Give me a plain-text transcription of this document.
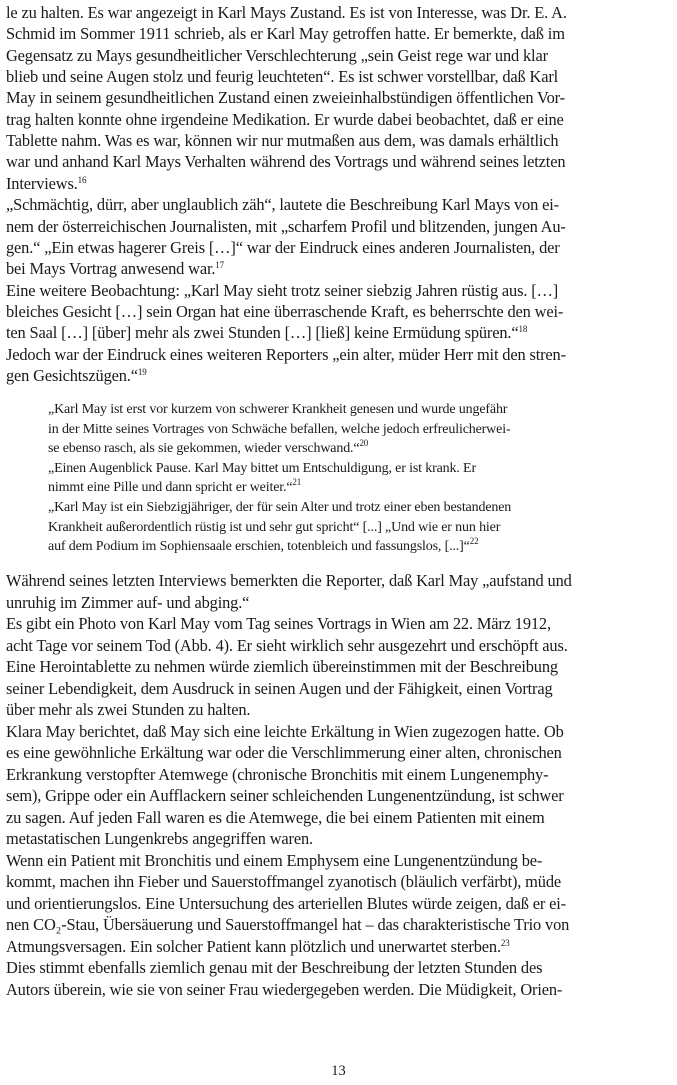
le zu halten. Es war angezeigt in Karl Mays Zustand. Es ist von Interesse, was Dr. E. A.
Schmid im Sommer 1911 schrieb, als er Karl May getroffen hatte. Er bemerkte, daß im
Gegensatz zu Mays gesundheitlicher Verschlechterung „sein Geist rege war und klar
blieb und seine Augen stolz und feurig leuchteten“. Es ist schwer vorstellbar, daß Karl
May in seinem gesundheitlichen Zustand einen zweieinhalbstündigen öffentlichen Vor-
trag halten konnte ohne irgendeine Medikation. Er wurde dabei beobachtet, daß er eine
Tablette nahm. Was es war, können wir nur mutmaßen aus dem, was damals erhältlich
war und anhand Karl Mays Verhalten während des Vortrags und während seines letzten
Interviews.$^{16}$
„Schmächtig, dürr, aber unglaublich zäh“, lautete die Beschreibung Karl Mays von ei-
nem der österreichischen Journalisten, mit „scharfem Profil und blitzenden, jungen Au-
gen.“ „Ein etwas hagerer Greis […]“ war der Eindruck eines anderen Journalisten, der
bei Mays Vortrag anwesend war.$^{17}$
Eine weitere Beobachtung: „Karl May sieht trotz seiner siebzig Jahren rüstig aus. […]
bleiches Gesicht […] sein Organ hat eine überraschende Kraft, es beherrschte den wei-
ten Saal […] [über] mehr als zwei Stunden […] [ließ] keine Ermüdung spüren.“$^{18}$
Jedoch war der Eindruck eines weiteren Reporters „ein alter, müder Herr mit den stren-
gen Gesichtszügen.“$^{19}$
„Karl May ist erst vor kurzem von schwerer Krankheit genesen und wurde ungefähr
in der Mitte seines Vortrages von Schwäche befallen, welche jedoch erfreulicherwei-
se ebenso rasch, als sie gekommen, wieder verschwand.“$^{20}$
„Einen Augenblick Pause. Karl May bittet um Entschuldigung, er ist krank. Er
nimmt eine Pille und dann spricht er weiter.“$^{21}$
„Karl May ist ein Siebzigjähriger, der für sein Alter und trotz einer eben bestandenen
Krankheit außerordentlich rüstig ist und sehr gut spricht“ [...] „Und wie er nun hier
auf dem Podium im Sophiensaale erschien, totenbleich und fassungslos, [...]“$^{22}$
Während seines letzten Interviews bemerkten die Reporter, daß Karl May „aufstand und
unruhig im Zimmer auf- und abging.“
Es gibt ein Photo von Karl May vom Tag seines Vortrags in Wien am 22. März 1912,
acht Tage vor seinem Tod (Abb. 4). Er sieht wirklich sehr ausgezehrt und erschöpft aus.
Eine Herointablette zu nehmen würde ziemlich übereinstimmen mit der Beschreibung
seiner Lebendigkeit, dem Ausdruck in seinen Augen und der Fähigkeit, einen Vortrag
über mehr als zwei Stunden zu halten.
Klara May berichtet, daß May sich eine leichte Erkältung in Wien zugezogen hatte. Ob
es eine gewöhnliche Erkältung war oder die Verschlimmerung einer alten, chronischen
Erkrankung verstopfter Atemwege (chronische Bronchitis mit einem Lungenemphy-
sem), Grippe oder ein Aufflackern seiner schleichenden Lungenentzündung, ist schwer
zu sagen. Auf jeden Fall waren es die Atemwege, die bei einem Patienten mit einem
metastatischen Lungenkrebs angegriffen waren.
Wenn ein Patient mit Bronchitis und einem Emphysem eine Lungenentzündung be-
kommt, machen ihn Fieber und Sauerstoffmangel zyanotisch (bläulich verfärbt), müde
und orientierungslos. Eine Untersuchung des arteriellen Blutes würde zeigen, daß er ei-
nen CO₂-Stau, Übersäuerung und Sauerstoffmangel hat – das charakteristische Trio von
Atmungsversagen. Ein solcher Patient kann plötzlich und unerwartet sterben.$^{23}$
Dies stimmt ebenfalls ziemlich genau mit der Beschreibung der letzten Stunden des
Autors überein, wie sie von seiner Frau wiedergegeben werden. Die Müdigkeit, Orien-
13
